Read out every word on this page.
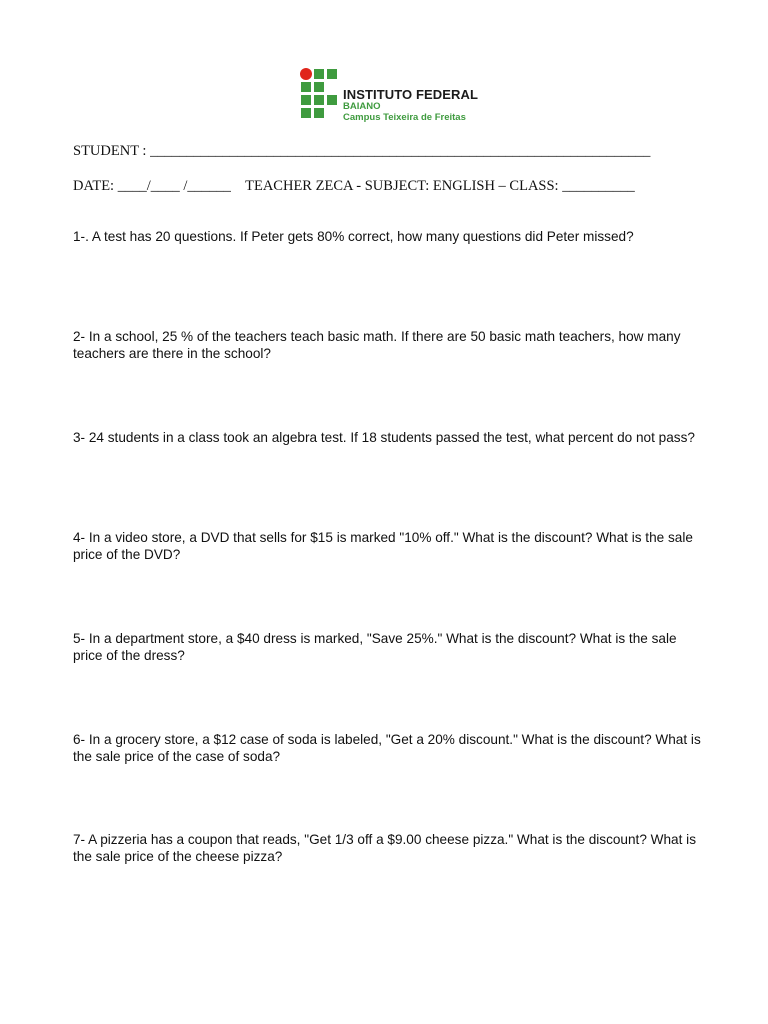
INSTITUTO FEDERAL
BAIANO
Campus Teixeira de Freitas
STUDENT : _____________________________________________________________________
DATE: ____/____ /______    TEACHER ZECA - SUBJECT: ENGLISH – CLASS: __________
1-. A test has 20 questions. If Peter gets 80% correct, how many questions did Peter missed?
2- In a school, 25 % of the teachers teach basic math. If there are 50 basic math teachers, how many teachers are there in the school?
3- 24 students in a class took an algebra test. If 18 students passed the test, what percent do not pass?
4- In a video store, a DVD that sells for $15 is marked "10% off." What is the discount? What is the sale price of the DVD?
5- In a department store, a $40 dress is marked, "Save 25%." What is the discount? What is the sale price of the dress?
6- In a grocery store, a $12 case of soda is labeled, "Get a 20% discount." What is the discount? What is the sale price of the case of soda?
7- A pizzeria has a coupon that reads, "Get 1/3 off a $9.00 cheese pizza." What is the discount? What is the sale price of the cheese pizza?
